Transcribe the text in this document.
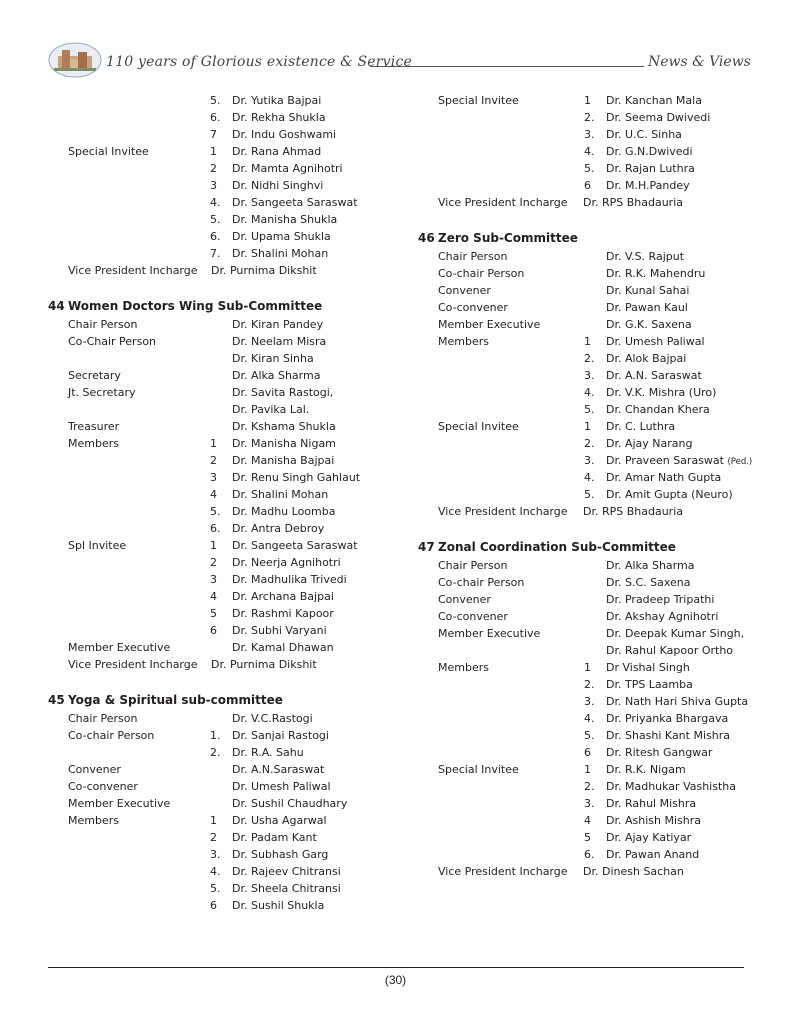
110 years of Glorious existence & Service	News & Views
5. Dr. Yutika Bajpai
6. Dr. Rekha Shukla
7 Dr. Indu Goshwami
Special Invitee	1 Dr. Rana Ahmad
2 Dr. Mamta Agnihotri
3 Dr. Nidhi Singhvi
4. Dr. Sangeeta Saraswat
5. Dr. Manisha Shukla
6. Dr. Upama Shukla
7. Dr. Shalini Mohan
Vice President Incharge Dr. Purnima Dikshit
44 Women Doctors Wing Sub-Committee
Chair Person	Dr. Kiran Pandey
Co-Chair Person	Dr. Neelam Misra
Dr. Kiran Sinha
Secretary	Dr. Alka Sharma
Jt. Secretary	Dr. Savita Rastogi,
Dr. Pavika Lal.
Treasurer	Dr. Kshama Shukla
Members	1 Dr. Manisha Nigam
2 Dr. Manisha Bajpai
3 Dr. Renu Singh Gahlaut
4 Dr. Shalini Mohan
5. Dr. Madhu Loomba
6. Dr. Antra Debroy
Spl Invitee	1 Dr. Sangeeta Saraswat
2 Dr. Neerja Agnihotri
3 Dr. Madhulika Trivedi
4 Dr. Archana Bajpai
5 Dr. Rashmi Kapoor
6 Dr. Subhi Varyani
Member Executive	Dr. Kamal Dhawan
Vice President Incharge Dr. Purnima Dikshit
45 Yoga & Spiritual sub-committee
Chair Person	Dr. V.C.Rastogi
Co-chair Person	1. Dr. Sanjai Rastogi
2. Dr. R.A. Sahu
Convener	Dr. A.N.Saraswat
Co-convener	Dr. Umesh Paliwal
Member Executive	Dr. Sushil Chaudhary
Members	1 Dr. Usha Agarwal
2 Dr. Padam Kant
3. Dr. Subhash Garg
4. Dr. Rajeev Chitransi
5. Dr. Sheela Chitransi
6 Dr. Sushil Shukla
Special Invitee	1 Dr. Kanchan Mala
2. Dr. Seema Dwivedi
3. Dr. U.C. Sinha
4. Dr. G.N.Dwivedi
5. Dr. Rajan Luthra
6 Dr. M.H.Pandey
Vice President Incharge Dr. RPS Bhadauria
46 Zero Sub-Committee
Chair Person	Dr. V.S. Rajput
Co-chair Person	Dr. R.K. Mahendru
Convener	Dr. Kunal Sahai
Co-convener	Dr. Pawan Kaul
Member Executive	Dr. G.K. Saxena
Members	1 Dr. Umesh Paliwal
2. Dr. Alok Bajpai
3. Dr. A.N. Saraswat
4. Dr. V.K. Mishra (Uro)
5. Dr. Chandan Khera
Special Invitee	1 Dr. C. Luthra
2. Dr. Ajay Narang
3. Dr. Praveen Saraswat (Ped.)
4. Dr. Amar Nath Gupta
5. Dr. Amit Gupta (Neuro)
Vice President Incharge Dr. RPS Bhadauria
47 Zonal Coordination Sub-Committee
Chair Person	Dr. Alka Sharma
Co-chair Person	Dr. S.C. Saxena
Convener	Dr. Pradeep Tripathi
Co-convener	Dr. Akshay Agnihotri
Member Executive	Dr. Deepak Kumar Singh,
Dr. Rahul Kapoor Ortho
Members	1 Dr Vishal Singh
2. Dr. TPS Laamba
3. Dr. Nath Hari Shiva Gupta
4. Dr. Priyanka Bhargava
5. Dr. Shashi Kant Mishra
6 Dr. Ritesh Gangwar
Special Invitee	1 Dr. R.K. Nigam
2. Dr. Madhukar Vashistha
3. Dr. Rahul Mishra
4 Dr. Ashish Mishra
5 Dr. Ajay Katiyar
6. Dr. Pawan Anand
Vice President Incharge Dr. Dinesh Sachan
(30)
